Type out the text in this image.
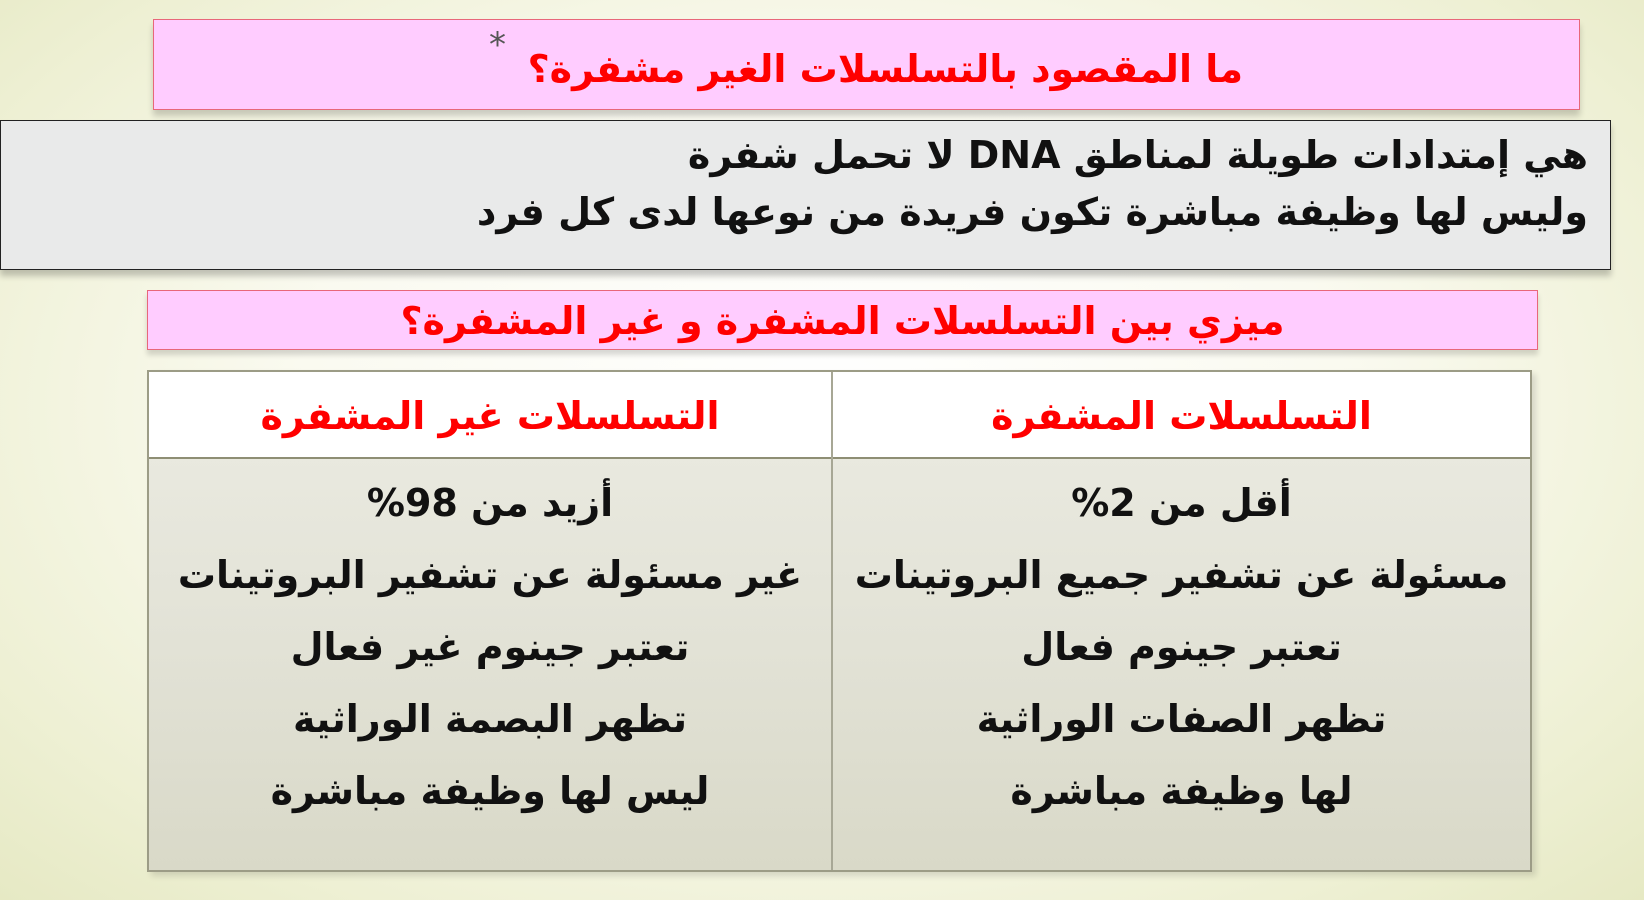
ما المقصود بالتسلسلات الغير مشفرة؟
*
هي إمتدادات طويلة لمناطق DNA لا تحمل شفرة
وليس لها وظيفة مباشرة تكون فريدة من نوعها لدى كل فرد
ميزي بين التسلسلات المشفرة و غير المشفرة؟
التسلسلات المشفرة
أقل من 2%
مسئولة عن تشفير جميع البروتينات
تعتبر جينوم فعال
تظهر الصفات الوراثية
لها وظيفة مباشرة
التسلسلات غير المشفرة
أزيد من 98%
غير مسئولة عن تشفير البروتينات
تعتبر جينوم غير فعال
تظهر البصمة الوراثية
ليس لها وظيفة مباشرة
